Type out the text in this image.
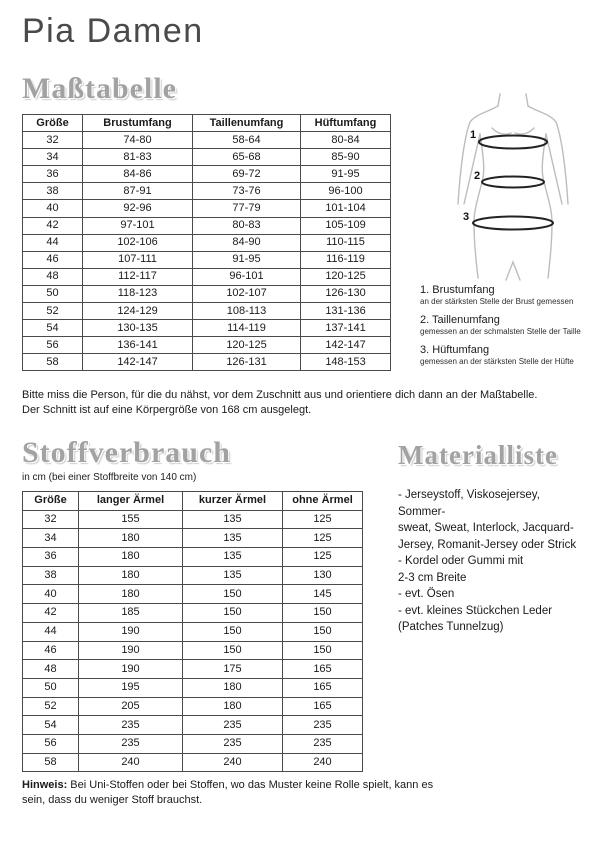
Pia Damen
Maßtabelle
Größe	Brustumfang	Taillenumfang	Hüftumfang
32	74-80	58-64	80-84
34	81-83	65-68	85-90
36	84-86	69-72	91-95
38	87-91	73-76	96-100
40	92-96	77-79	101-104
42	97-101	80-83	105-109
44	102-106	84-90	110-115
46	107-111	91-95	116-119
48	112-117	96-101	120-125
50	118-123	102-107	126-130
52	124-129	108-113	131-136
54	130-135	114-119	137-141
56	136-141	120-125	142-147
58	142-147	126-131	148-153
1
2
3
1. Brustumfang
an der stärksten Stelle der Brust gemessen
2. Taillenumfang
gemessen an der schmalsten Stelle der Taille
3. Hüftumfang
gemessen an der stärksten Stelle der Hüfte
Bitte miss die Person, für die du nähst, vor dem Zuschnitt aus und orientiere dich dann an der Maßtabelle.
Der Schnitt ist auf eine Körpergröße von 168 cm ausgelegt.
Stoffverbrauch
in cm (bei einer Stoffbreite von 140 cm)
Materialliste
Größe	langer Ärmel	kurzer Ärmel	ohne Ärmel
32	155	135	125
34	180	135	125
36	180	135	125
38	180	135	130
40	180	150	145
42	185	150	150
44	190	150	150
46	190	150	150
48	190	175	165
50	195	180	165
52	205	180	165
54	235	235	235
56	235	235	235
58	240	240	240
- Jerseystoff, Viskosejersey, Sommer-
sweat, Sweat, Interlock, Jacquard-
Jersey, Romanit-Jersey oder Strick
- Kordel oder Gummi mit
2-3 cm Breite
- evt. Ösen
- evt. kleines Stückchen Leder
(Patches Tunnelzug)
Hinweis: Bei Uni-Stoffen oder bei Stoffen, wo das Muster keine Rolle spielt, kann es sein, dass du weniger Stoff brauchst.
